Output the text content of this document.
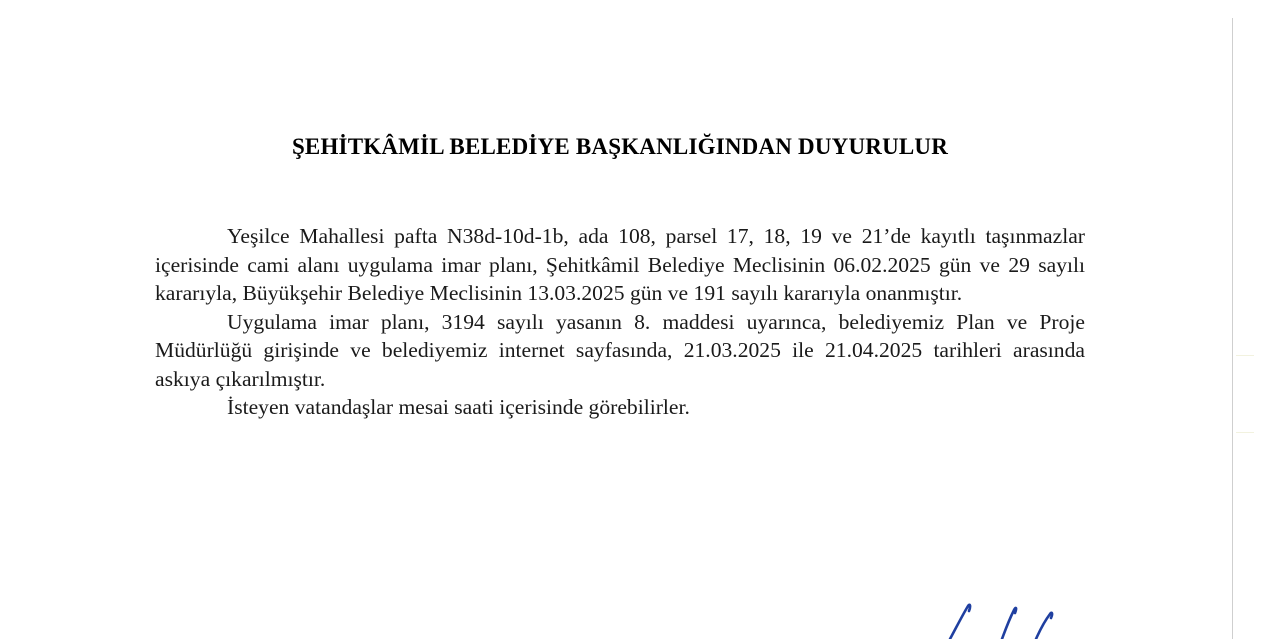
ŞEHİTKÂMİL BELEDİYE BAŞKANLIĞINDAN DUYURULUR

Yeşilce Mahallesi pafta N38d-10d-1b, ada 108, parsel 17, 18, 19 ve 21’de kayıtlı taşınmazlar içerisinde cami alanı uygulama imar planı, Şehitkâmil Belediye Meclisinin 06.02.2025 gün ve 29 sayılı kararıyla, Büyükşehir Belediye Meclisinin 13.03.2025 gün ve 191 sayılı kararıyla onanmıştır.

Uygulama imar planı, 3194 sayılı yasanın 8. maddesi uyarınca, belediyemiz Plan ve Proje Müdürlüğü girişinde ve belediyemiz internet sayfasında, 21.03.2025 ile 21.04.2025 tarihleri arasında askıya çıkarılmıştır.

İsteyen vatandaşlar mesai saati içerisinde görebilirler.
